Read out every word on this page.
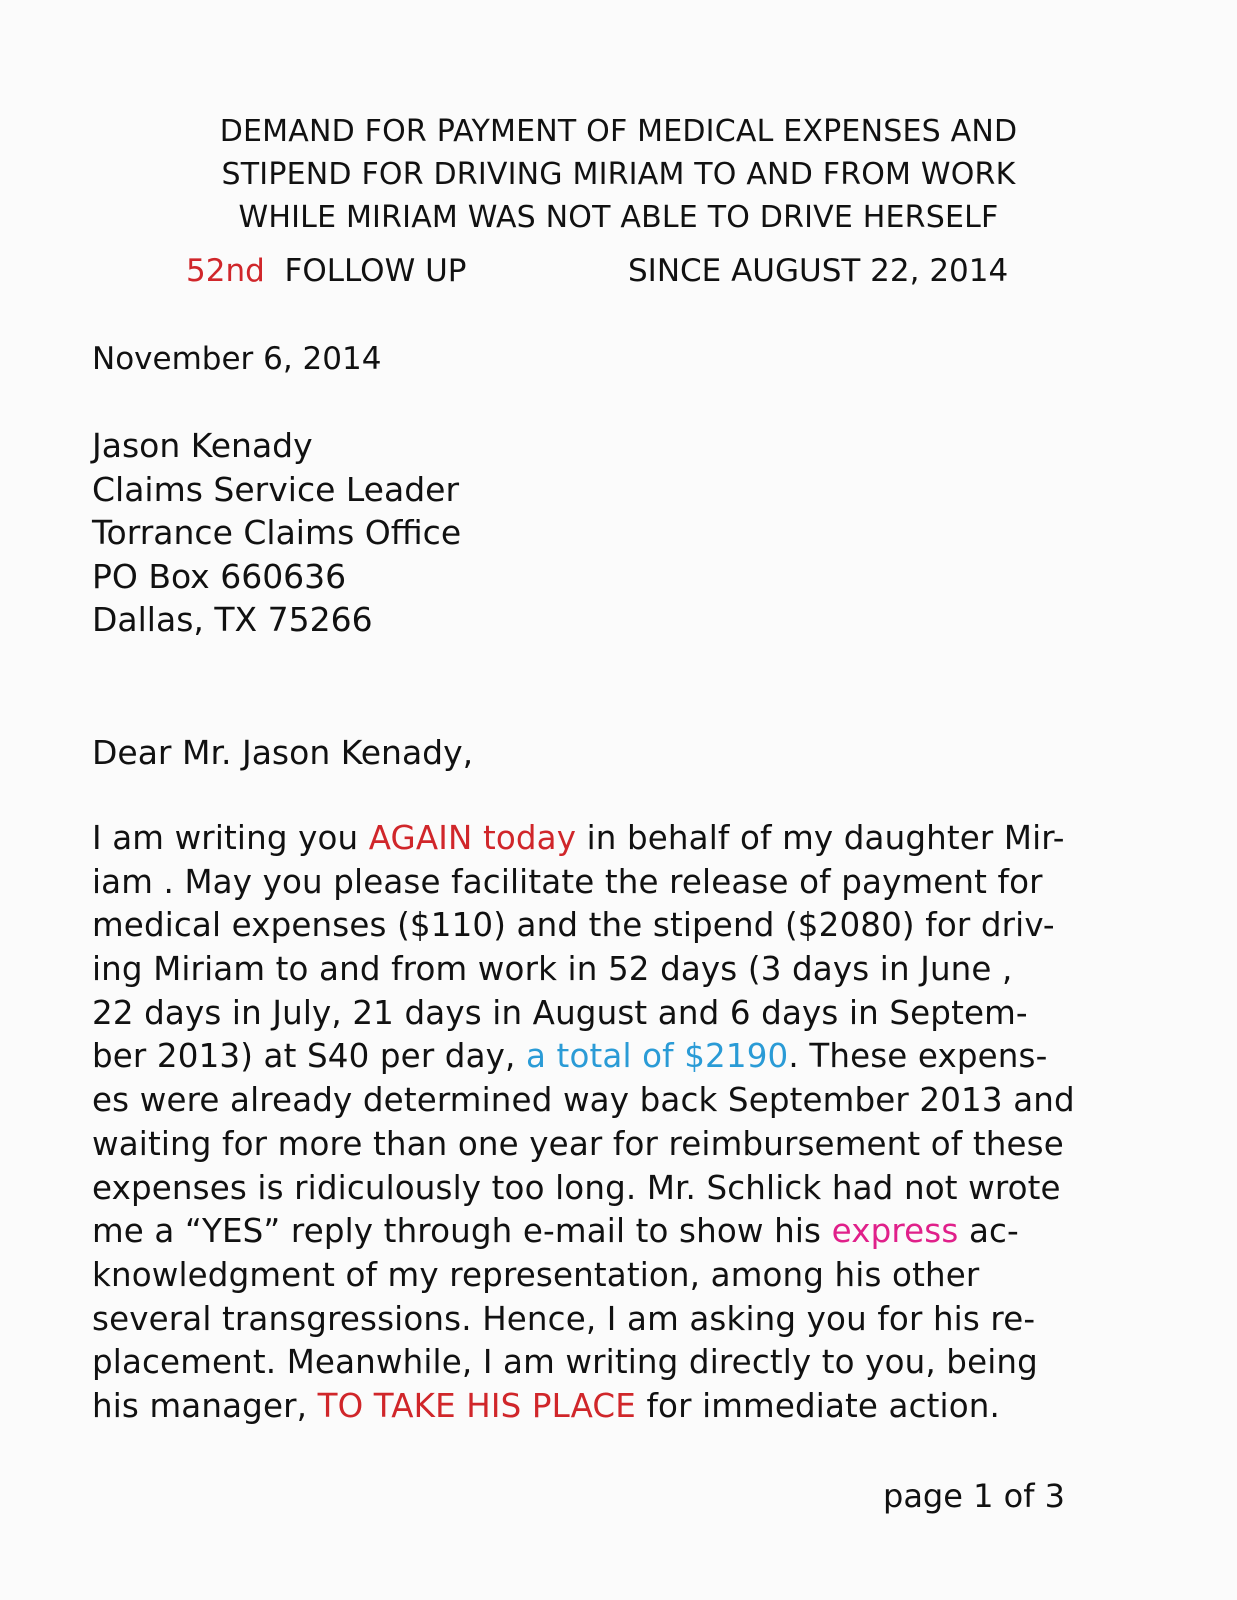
DEMAND FOR PAYMENT OF MEDICAL EXPENSES AND
STIPEND FOR DRIVING MIRIAM TO AND FROM WORK
WHILE MIRIAM WAS NOT ABLE TO DRIVE HERSELF
52nd FOLLOW UP	SINCE AUGUST 22, 2014
November 6, 2014
Jason Kenady
Claims Service Leader
Torrance Claims Office
PO Box 660636
Dallas, TX 75266
Dear Mr. Jason Kenady,
I am writing you AGAIN today in behalf of my daughter Mir-
iam . May you please facilitate the release of payment for
medical expenses ($110) and the stipend ($2080) for driv-
ing Miriam to and from work in 52 days (3 days in June ,
22 days in July, 21 days in August and 6 days in Septem-
ber 2013) at S40 per day, a total of $2190. These expens-
es were already determined way back September 2013 and
waiting for more than one year for reimbursement of these
expenses is ridiculously too long. Mr. Schlick had not wrote
me a “YES” reply through e-mail to show his express ac-
knowledgment of my representation, among his other
several transgressions. Hence, I am asking you for his re-
placement. Meanwhile, I am writing directly to you, being
his manager, TO TAKE HIS PLACE for immediate action.
page 1 of 3
